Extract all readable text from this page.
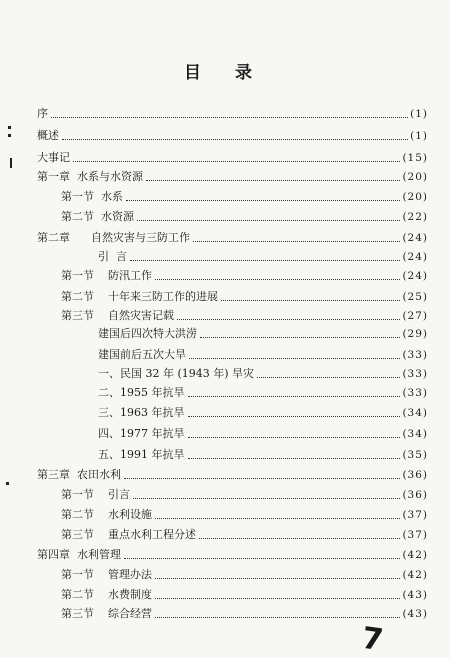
目 录
序	(1)
概述	(1)
大事记	(15)
第一章  水系与水资源	(20)
第一节  水系	(20)
第二节  水资源	(22)
第二章      自然灾害与三防工作	(24)
引  言	(24)
第一节    防汛工作	(24)
第二节    十年来三防工作的进展	(25)
第三节    自然灾害记载	(27)
建国后四次特大洪涝	(29)
建国前后五次大旱	(33)
一、民国 32 年 (1943 年) 旱灾	(33)
二、1955 年抗旱	(33)
三、1963 年抗旱	(34)
四、1977 年抗旱	(34)
五、1991 年抗旱	(35)
第三章  农田水利	(36)
第一节    引言	(36)
第二节    水利设施	(37)
第三节    重点水利工程分述	(37)
第四章  水利管理	(42)
第一节    管理办法	(42)
第二节    水费制度	(43)
第三节    综合经营	(43)
7
